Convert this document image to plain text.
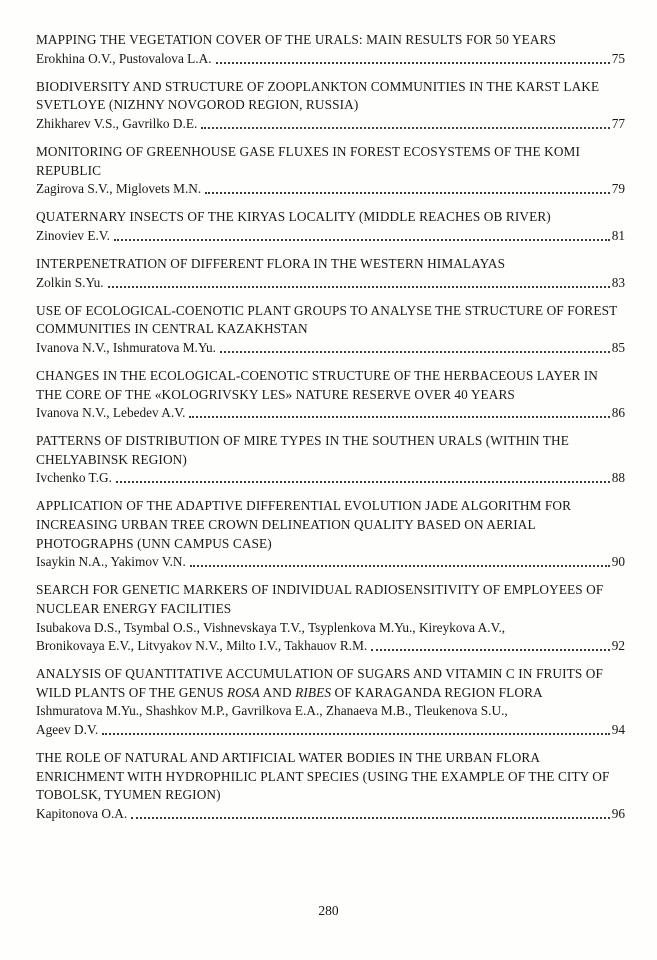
MAPPING THE VEGETATION COVER OF THE URALS: MAIN RESULTS FOR 50 YEARS
Erokhina O.V., Pustovalova L.A.	75
BIODIVERSITY AND STRUCTURE OF ZOOPLANKTON COMMUNITIES IN THE KARST LAKE SVETLOYE (NIZHNY NOVGOROD REGION, RUSSIA)
Zhikharev V.S., Gavrilko D.E.	77
MONITORING OF GREENHOUSE GASE FLUXES IN FOREST ECOSYSTEMS OF THE KOMI REPUBLIC
Zagirova S.V., Miglovets M.N.	79
QUATERNARY INSECTS OF THE KIRYAS LOCALITY (MIDDLE REACHES OB RIVER)
Zinoviev E.V.	81
INTERPENETRATION OF DIFFERENT FLORA IN THE WESTERN HIMALAYAS
Zolkin S.Yu.	83
USE OF ECOLOGICAL-COENOTIC PLANT GROUPS TO ANALYSE THE STRUCTURE OF FOREST COMMUNITIES IN CENTRAL KAZAKHSTAN
Ivanova N.V., Ishmuratova M.Yu.	85
CHANGES IN THE ECOLOGICAL-COENOTIC STRUCTURE OF THE HERBACEOUS LAYER IN THE CORE OF THE «KOLOGRIVSKY LES» NATURE RESERVE OVER 40 YEARS
Ivanova N.V., Lebedev A.V.	86
PATTERNS OF DISTRIBUTION OF MIRE TYPES IN THE SOUTHEN URALS (WITHIN THE CHELYABINSK REGION)
Ivchenko T.G.	88
APPLICATION OF THE ADAPTIVE DIFFERENTIAL EVOLUTION JADE ALGORITHM FOR INCREASING URBAN TREE CROWN DELINEATION QUALITY BASED ON AERIAL PHOTOGRAPHS (UNN CAMPUS CASE)
Isaykin N.A., Yakimov V.N.	90
SEARCH FOR GENETIC MARKERS OF INDIVIDUAL RADIOSENSITIVITY OF EMPLOYEES OF NUCLEAR ENERGY FACILITIES
Isubakova D.S., Tsymbal O.S., Vishnevskaya T.V., Tsyplenkova M.Yu., Kireykova A.V.,
Bronikovaya E.V., Litvyakov N.V., Milto I.V., Takhauov R.M.	92
ANALYSIS OF QUANTITATIVE ACCUMULATION OF SUGARS AND VITAMIN C IN FRUITS OF WILD PLANTS OF THE GENUS ROSA AND RIBES OF KARAGANDA REGION FLORA
Ishmuratova M.Yu., Shashkov M.P., Gavrilkova E.A., Zhanaeva M.B., Tleukenova S.U.,
Ageev D.V.	94
THE ROLE OF NATURAL AND ARTIFICIAL WATER BODIES IN THE URBAN FLORA ENRICHMENT WITH HYDROPHILIC PLANT SPECIES (USING THE EXAMPLE OF THE CITY OF TOBOLSK, TYUMEN REGION)
Kapitonova O.A.	96
280
